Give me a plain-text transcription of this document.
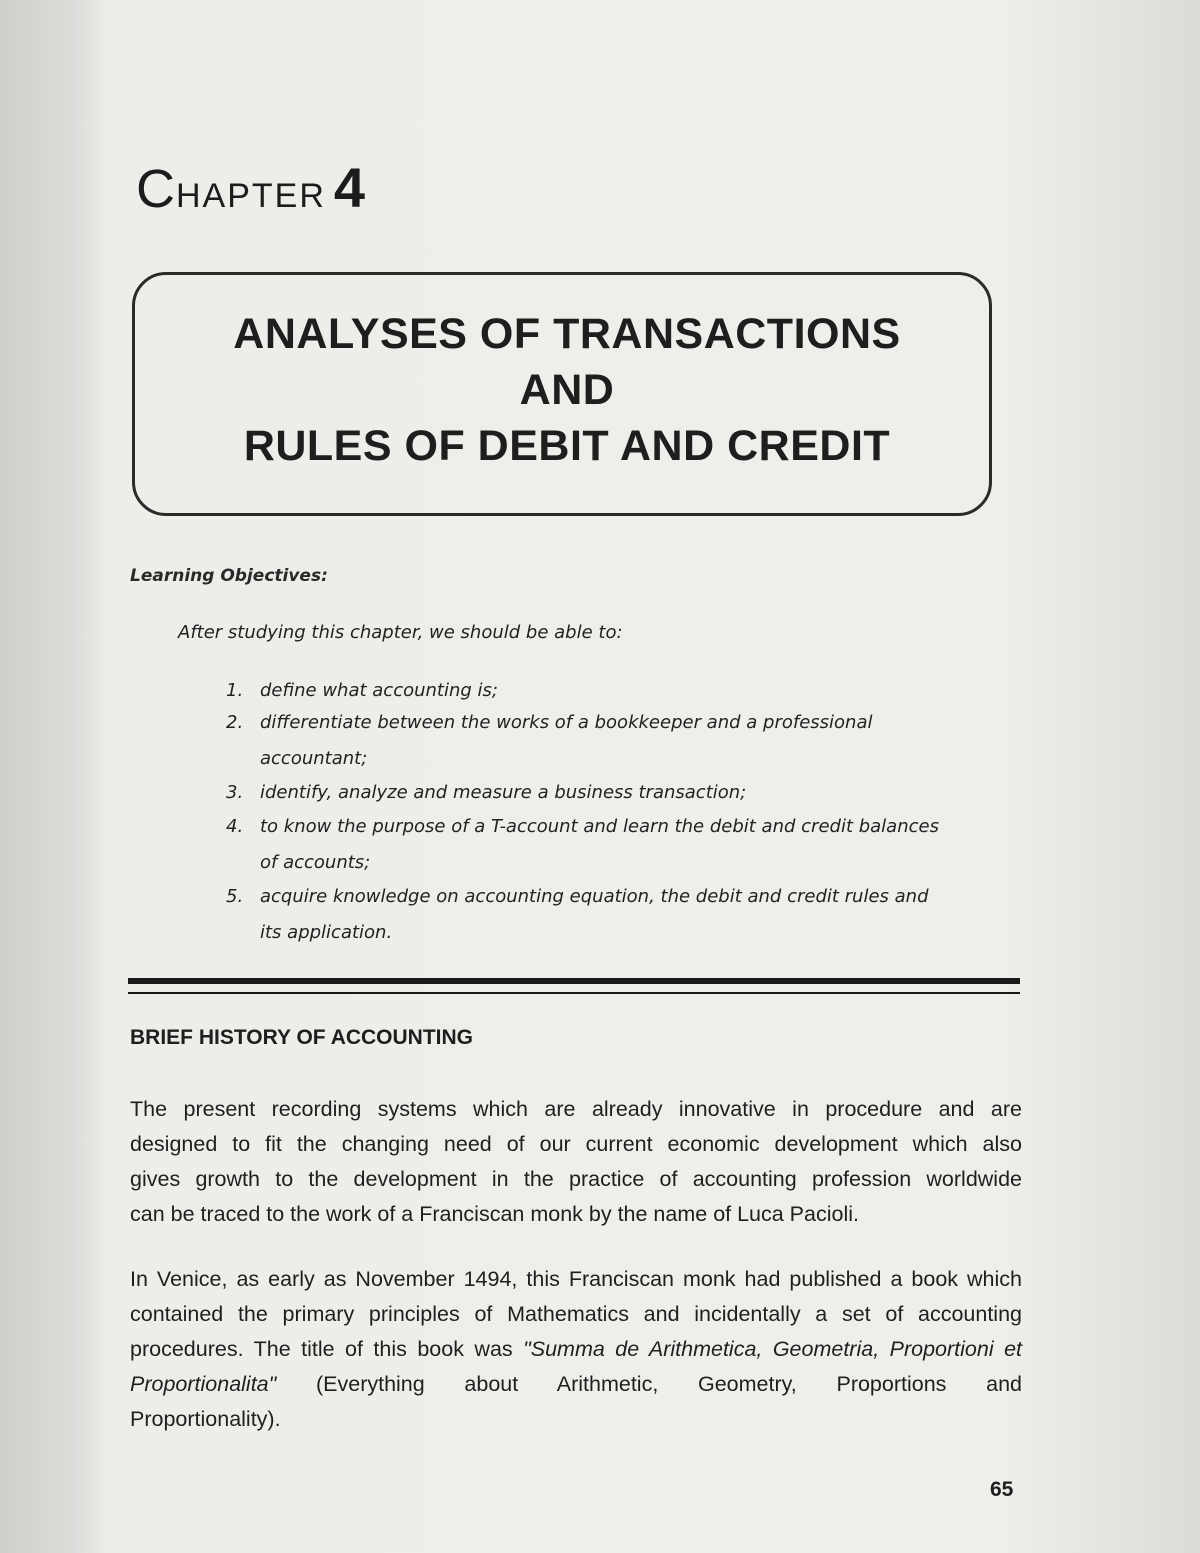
CHAPTER 4
ANALYSES OF TRANSACTIONS
AND
RULES OF DEBIT AND CREDIT
Learning Objectives:
After studying this chapter, we should be able to:
1. define what accounting is;
2. differentiate between the works of a bookkeeper and a professional
accountant;
3. identify, analyze and measure a business transaction;
4. to know the purpose of a T-account and learn the debit and credit balances
of accounts;
5. acquire knowledge on accounting equation, the debit and credit rules and
its application.
BRIEF HISTORY OF ACCOUNTING
The present recording systems which are already innovative in procedure and are
designed to fit the changing need of our current economic development which also
gives growth to the development in the practice of accounting profession worldwide
can be traced to the work of a Franciscan monk by the name of Luca Pacioli.
In Venice, as early as November 1494, this Franciscan monk had published a book which
contained the primary principles of Mathematics and incidentally a set of accounting
procedures. The title of this book was "Summa de Arithmetica, Geometria, Proportioni et
Proportionalita" (Everything about Arithmetic, Geometry, Proportions and
Proportionality).
65
